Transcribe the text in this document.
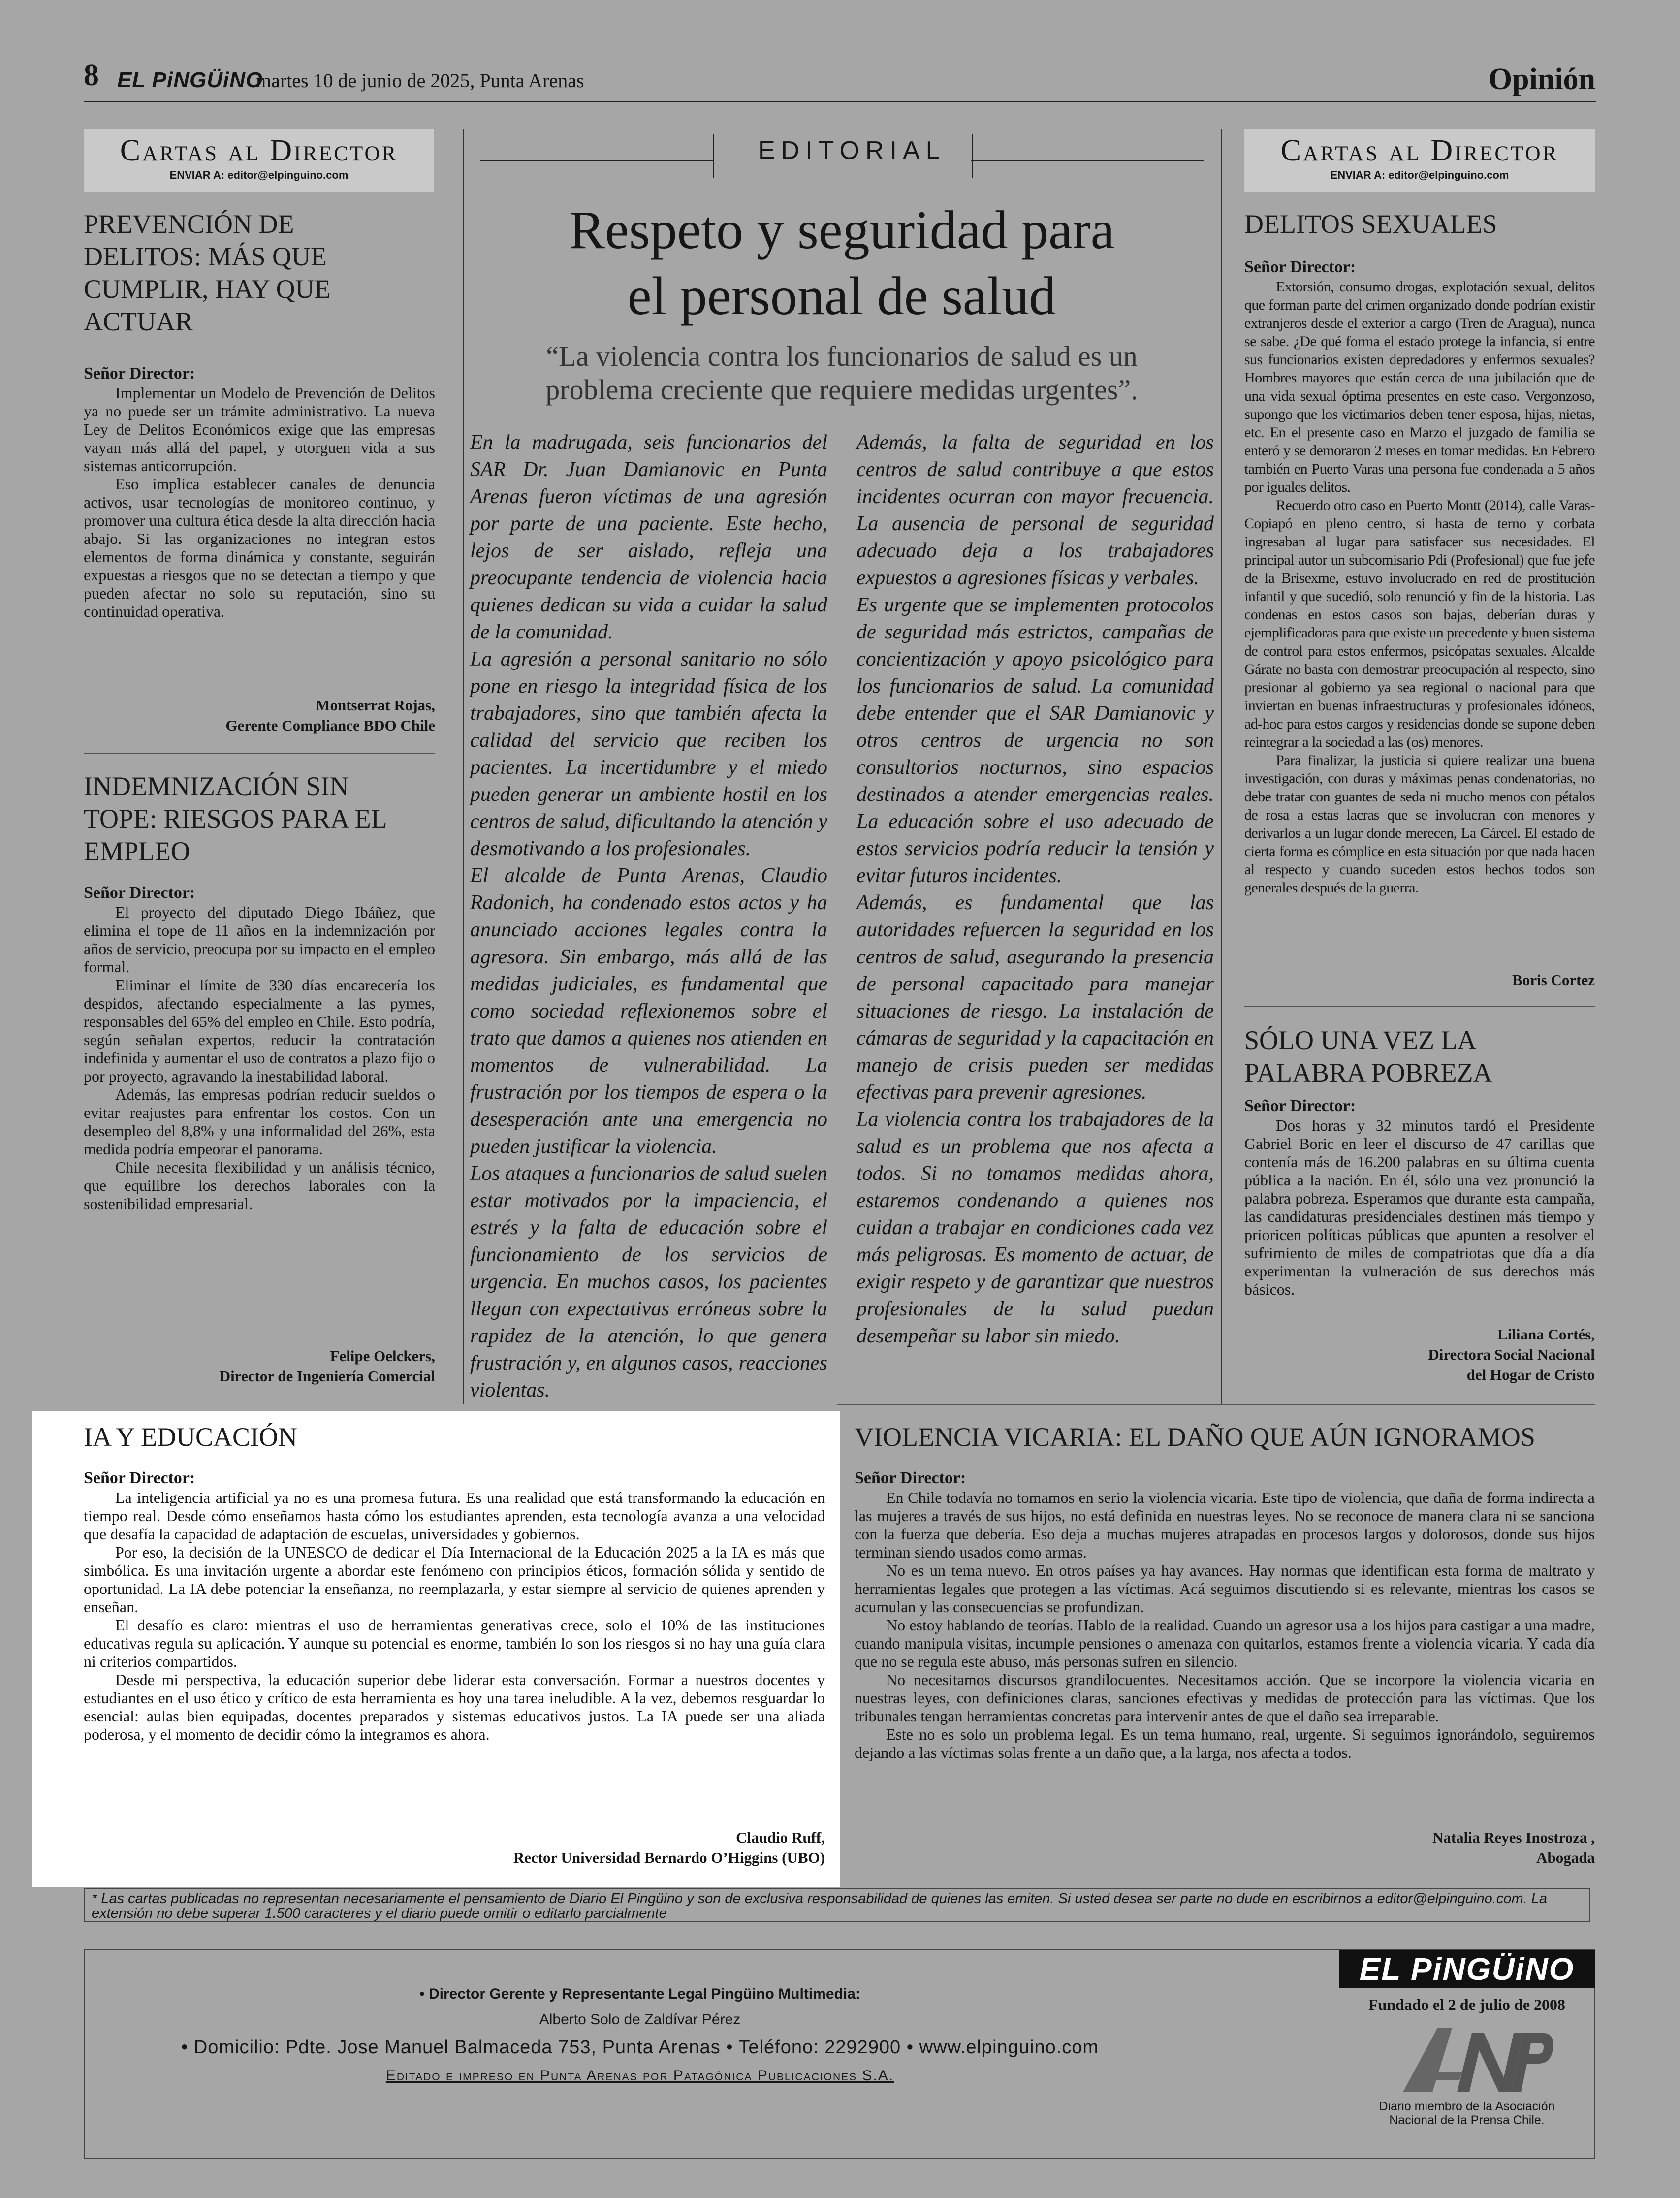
8 EL PiNGÜiNO
martes 10 de junio de 2025, Punta Arenas	Opinión
Cartas al Director
ENVIAR A: editor@elpinguino.com
PREVENCIÓN DE
DELITOS: MÁS QUE
CUMPLIR, HAY QUE
ACTUAR
Señor Director:

Implementar un Modelo de Prevención de Delitos ya no puede ser un trámite administrativo. La nueva Ley de Delitos Económicos exige que las empresas vayan más allá del papel, y otorguen vida a sus sistemas anticorrupción.

Eso implica establecer canales de denuncia activos, usar tecnologías de monitoreo continuo, y promover una cultura ética desde la alta dirección hacia abajo. Si las organizaciones no integran estos elementos de forma dinámica y constante, seguirán expuestas a riesgos que no se detectan a tiempo y que pueden afectar no solo su reputación, sino su continuidad operativa.

Montserrat Rojas,

Gerente Compliance BDO Chile

INDEMNIZACIÓN SIN
TOPE: RIESGOS PARA EL
EMPLEO
Señor Director:

El proyecto del diputado Diego Ibáñez, que elimina el tope de 11 años en la indemnización por años de servicio, preocupa por su impacto en el empleo formal.

Eliminar el límite de 330 días encarecería los despidos, afectando especialmente a las pymes, responsables del 65% del empleo en Chile. Esto podría, según señalan expertos, reducir la contratación indefinida y aumentar el uso de contratos a plazo fijo o por proyecto, agravando la inestabilidad laboral.

Además, las empresas podrían reducir sueldos o evitar reajustes para enfrentar los costos. Con un desempleo del 8,8% y una informalidad del 26%, esta medida podría empeorar el panorama.

Chile necesita flexibilidad y un análisis técnico, que equilibre los derechos laborales con la sostenibilidad empresarial.

Felipe Oelckers,

Director de Ingeniería Comercial

EDITORIAL
Respeto y seguridad para
el personal de salud
“La violencia contra los funcionarios de salud es un
problema creciente que requiere medidas urgentes”.

En la madrugada, seis funcionarios del SAR Dr. Juan Damianovic en Punta Arenas fueron víctimas de una agresión por parte de una paciente. Este hecho, lejos de ser aislado, refleja una preocupante tendencia de violencia hacia quienes dedican su vida a cuidar la salud de la comunidad.

La agresión a personal sanitario no sólo pone en riesgo la integridad física de los trabajadores, sino que también afecta la calidad del servicio que reciben los pacientes. La incertidumbre y el miedo pueden generar un ambiente hostil en los centros de salud, dificultando la atención y desmotivando a los profesionales.

El alcalde de Punta Arenas, Claudio Radonich, ha condenado estos actos y ha anunciado acciones legales contra la agresora. Sin embargo, más allá de las medidas judiciales, es fundamental que como sociedad reflexionemos sobre el trato que damos a quienes nos atienden en momentos de vulnerabilidad. La frustración por los tiempos de espera o la desesperación ante una emergencia no pueden justificar la violencia.

Los ataques a funcionarios de salud suelen estar motivados por la impaciencia, el estrés y la falta de educación sobre el funcionamiento de los servicios de urgencia. En muchos casos, los pacientes llegan con expectativas erróneas sobre la rapidez de la atención, lo que genera frustración y, en algunos casos, reacciones violentas.

Además, la falta de seguridad en los centros de salud contribuye a que estos incidentes ocurran con mayor frecuencia. La ausencia de personal de seguridad adecuado deja a los trabajadores expuestos a agresiones físicas y verbales.

Es urgente que se implementen protocolos de seguridad más estrictos, campañas de concientización y apoyo psicológico para los funcionarios de salud. La comunidad debe entender que el SAR Damianovic y otros centros de urgencia no son consultorios nocturnos, sino espacios destinados a atender emergencias reales. La educación sobre el uso adecuado de estos servicios podría reducir la tensión y evitar futuros incidentes.

Además, es fundamental que las autoridades refuercen la seguridad en los centros de salud, asegurando la presencia de personal capacitado para manejar situaciones de riesgo. La instalación de cámaras de seguridad y la capacitación en manejo de crisis pueden ser medidas efectivas para prevenir agresiones.

La violencia contra los trabajadores de la salud es un problema que nos afecta a todos. Si no tomamos medidas ahora, estaremos condenando a quienes nos cuidan a trabajar en condiciones cada vez más peligrosas. Es momento de actuar, de exigir respeto y de garantizar que nuestros profesionales de la salud puedan desempeñar su labor sin miedo.

Cartas al Director
ENVIAR A: editor@elpinguino.com
DELITOS SEXUALES
Señor Director:

Extorsión, consumo drogas, explotación sexual, delitos que forman parte del crimen organizado donde podrían existir extranjeros desde el exterior a cargo (Tren de Aragua), nunca se sabe. ¿De qué forma el estado protege la infancia, si entre sus funcionarios existen depredadores y enfermos sexuales? Hombres mayores que están cerca de una jubilación que de una vida sexual óptima presentes en este caso. Vergonzoso, supongo que los victimarios deben tener esposa, hijas, nietas, etc. En el presente caso en Marzo el juzgado de familia se enteró y se demoraron 2 meses en tomar medidas. En Febrero también en Puerto Varas una persona fue condenada a 5 años por iguales delitos.

Recuerdo otro caso en Puerto Montt (2014), calle Varas-Copiapó en pleno centro, si hasta de terno y corbata ingresaban al lugar para satisfacer sus necesidades. El principal autor un subcomisario Pdi (Profesional) que fue jefe de la Brisexme, estuvo involucrado en red de prostitución infantil y que sucedió, solo renunció y fin de la historia. Las condenas en estos casos son bajas, deberían duras y ejemplificadoras para que existe un precedente y buen sistema de control para estos enfermos, psicópatas sexuales. Alcalde Gárate no basta con demostrar preocupación al respecto, sino presionar al gobierno ya sea regional o nacional para que inviertan en buenas infraestructuras y profesionales idóneos, ad-hoc para estos cargos y residencias donde se supone deben reintegrar a la sociedad a las (os) menores.

Para finalizar, la justicia si quiere realizar una buena investigación, con duras y máximas penas condenatorias, no debe tratar con guantes de seda ni mucho menos con pétalos de rosa a estas lacras que se involucran con menores y derivarlos a un lugar donde merecen, La Cárcel. El estado de cierta forma es cómplice en esta situación por que nada hacen al respecto y cuando suceden estos hechos todos son generales después de la guerra.

Boris Cortez

SÓLO UNA VEZ LA
PALABRA POBREZA
Señor Director:

Dos horas y 32 minutos tardó el Presidente Gabriel Boric en leer el discurso de 47 carillas que contenía más de 16.200 palabras en su última cuenta pública a la nación. En él, sólo una vez pronunció la palabra pobreza. Esperamos que durante esta campaña, las candidaturas presidenciales destinen más tiempo y prioricen políticas públicas que apunten a resolver el sufrimiento de miles de compatriotas que día a día experimentan la vulneración de sus derechos más básicos.

Liliana Cortés,

Directora Social Nacional

del Hogar de Cristo

IA Y EDUCACIÓN
Señor Director:

La inteligencia artificial ya no es una promesa futura. Es una realidad que está transformando la educación en tiempo real. Desde cómo enseñamos hasta cómo los estudiantes aprenden, esta tecnología avanza a una velocidad que desafía la capacidad de adaptación de escuelas, universidades y gobiernos.

Por eso, la decisión de la UNESCO de dedicar el Día Internacional de la Educación 2025 a la IA es más que simbólica. Es una invitación urgente a abordar este fenómeno con principios éticos, formación sólida y sentido de oportunidad. La IA debe potenciar la enseñanza, no reemplazarla, y estar siempre al servicio de quienes aprenden y enseñan.

El desafío es claro: mientras el uso de herramientas generativas crece, solo el 10% de las instituciones educativas regula su aplicación. Y aunque su potencial es enorme, también lo son los riesgos si no hay una guía clara ni criterios compartidos.

Desde mi perspectiva, la educación superior debe liderar esta conversación. Formar a nuestros docentes y estudiantes en el uso ético y crítico de esta herramienta es hoy una tarea ineludible. A la vez, debemos resguardar lo esencial: aulas bien equipadas, docentes preparados y sistemas educativos justos. La IA puede ser una aliada poderosa, y el momento de decidir cómo la integramos es ahora.

Claudio Ruff,

Rector Universidad Bernardo O’Higgins (UBO)

VIOLENCIA VICARIA: EL DAÑO QUE AÚN IGNORAMOS
Señor Director:

En Chile todavía no tomamos en serio la violencia vicaria. Este tipo de violencia, que daña de forma indirecta a las mujeres a través de sus hijos, no está definida en nuestras leyes. No se reconoce de manera clara ni se sanciona con la fuerza que debería. Eso deja a muchas mujeres atrapadas en procesos largos y dolorosos, donde sus hijos terminan siendo usados como armas.

No es un tema nuevo. En otros países ya hay avances. Hay normas que identifican esta forma de maltrato y herramientas legales que protegen a las víctimas. Acá seguimos discutiendo si es relevante, mientras los casos se acumulan y las consecuencias se profundizan.

No estoy hablando de teorías. Hablo de la realidad. Cuando un agresor usa a los hijos para castigar a una madre, cuando manipula visitas, incumple pensiones o amenaza con quitarlos, estamos frente a violencia vicaria. Y cada día que no se regula este abuso, más personas sufren en silencio.

No necesitamos discursos grandilocuentes. Necesitamos acción. Que se incorpore la violencia vicaria en nuestras leyes, con definiciones claras, sanciones efectivas y medidas de protección para las víctimas. Que los tribunales tengan herramientas concretas para intervenir antes de que el daño sea irreparable.

Este no es solo un problema legal. Es un tema humano, real, urgente. Si seguimos ignorándolo, seguiremos dejando a las víctimas solas frente a un daño que, a la larga, nos afecta a todos.

Natalia Reyes Inostroza ,

Abogada

* Las cartas publicadas no representan necesariamente el pensamiento de Diario El Pingüino y son de exclusiva responsabilidad de quienes las emiten. Si usted desea ser parte no dude en escribirnos a editor@elpinguino.com. La extensión no debe superar 1.500 caracteres y el diario puede omitir o editarlo parcialmente
• Director Gerente y Representante Legal Pingüino Multimedia:
Alberto Solo de Zaldívar Pérez
• Domicilio: Pdte. Jose Manuel Balmaceda 753, Punta Arenas • Teléfono: 2292900 • www.elpinguino.com
Editado e impreso en Punta Arenas por Patagónica Publicaciones S.A.
EL PiNGÜiNO
Fundado el 2 de julio de 2008
Diario miembro de la Asociación
Nacional de la Prensa Chile.
